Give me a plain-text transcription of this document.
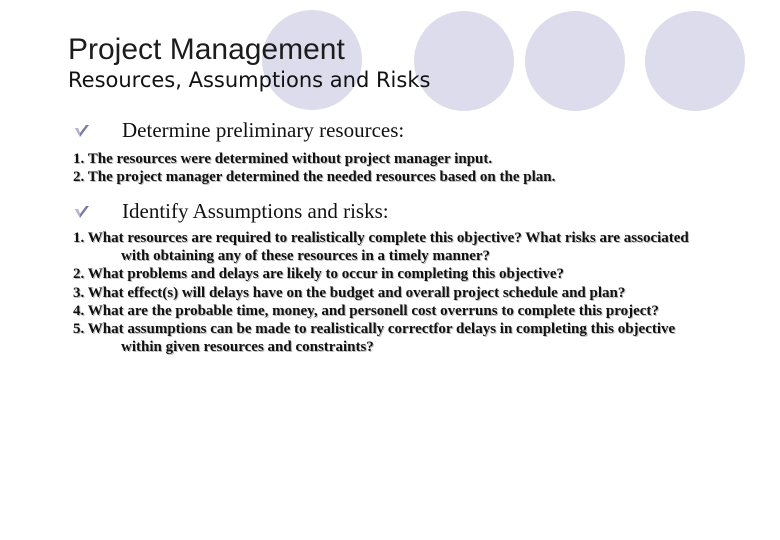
Project Management
Resources, Assumptions and Risks
Determine preliminary resources:
1. The resources were determined without project manager input.
2. The project manager determined the needed resources based on the plan.
Identify Assumptions and risks:
1. What resources are required to realistically complete this objective? What risks are associated with obtaining any of these resources in a timely manner?
2. What problems and delays are likely to occur in completing this objective?
3. What effect(s) will delays have on the budget and overall project schedule and plan?
4. What are the probable time, money, and personell cost overruns to complete this project?
5. What assumptions can be made to realistically correctfor delays in completing this objective within given resources and constraints?
